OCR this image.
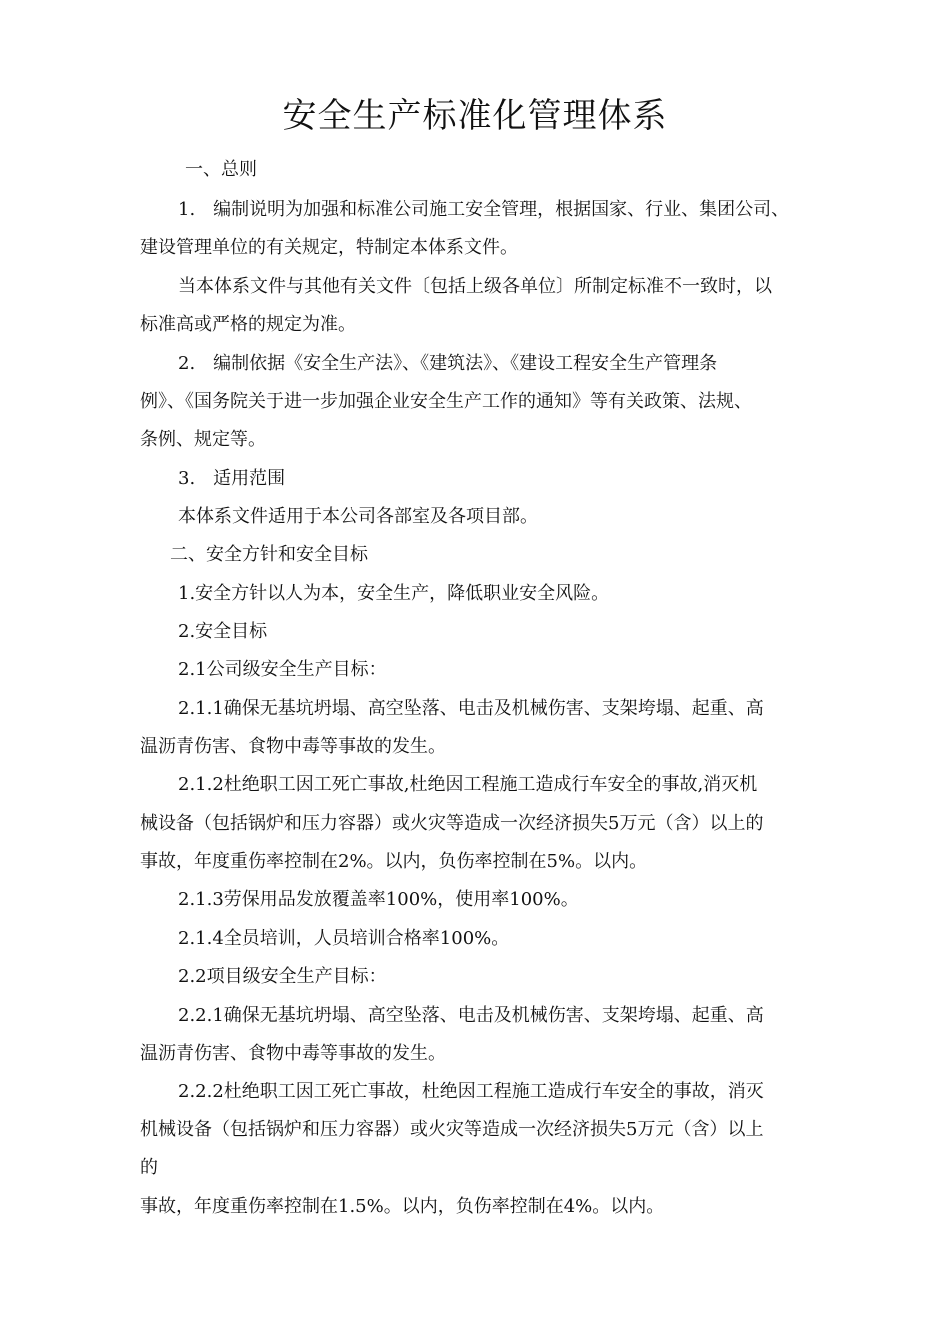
安全生产标准化管理体系
一、总则
1.　编制说明为加强和标准公司施工安全管理，根据国家、行业、集团公司、
建设管理单位的有关规定，特制定本体系文件。
当本体系文件与其他有关文件〔包括上级各单位〕所制定标准不一致时，以
标准高或严格的规定为准。
2.　编制依据《安全生产法》、《建筑法》、《建设工程安全生产管理条
例》、《国务院关于进一步加强企业安全生产工作的通知》等有关政策、法规、
条例、规定等。
3.　适用范围
本体系文件适用于本公司各部室及各项目部。
二、安全方针和安全目标
1.安全方针以人为本，安全生产，降低职业安全风险。
2.安全目标
2.1公司级安全生产目标：
2.1.1确保无基坑坍塌、高空坠落、电击及机械伤害、支架垮塌、起重、高
温沥青伤害、食物中毒等事故的发生。
2.1.2杜绝职工因工死亡事故,杜绝因工程施工造成行车安全的事故,消灭机
械设备（包括锅炉和压力容器）或火灾等造成一次经济损失5万元（含）以上的
事故，年度重伤率控制在2%。以内，负伤率控制在5%。以内。
2.1.3劳保用品发放覆盖率100%，使用率100%。
2.1.4全员培训，人员培训合格率100%。
2.2项目级安全生产目标：
2.2.1确保无基坑坍塌、高空坠落、电击及机械伤害、支架垮塌、起重、高
温沥青伤害、食物中毒等事故的发生。
2.2.2杜绝职工因工死亡事故，杜绝因工程施工造成行车安全的事故，消灭
机械设备（包括锅炉和压力容器）或火灾等造成一次经济损失5万元（含）以上
的
事故，年度重伤率控制在1.5%。以内，负伤率控制在4%。以内。
